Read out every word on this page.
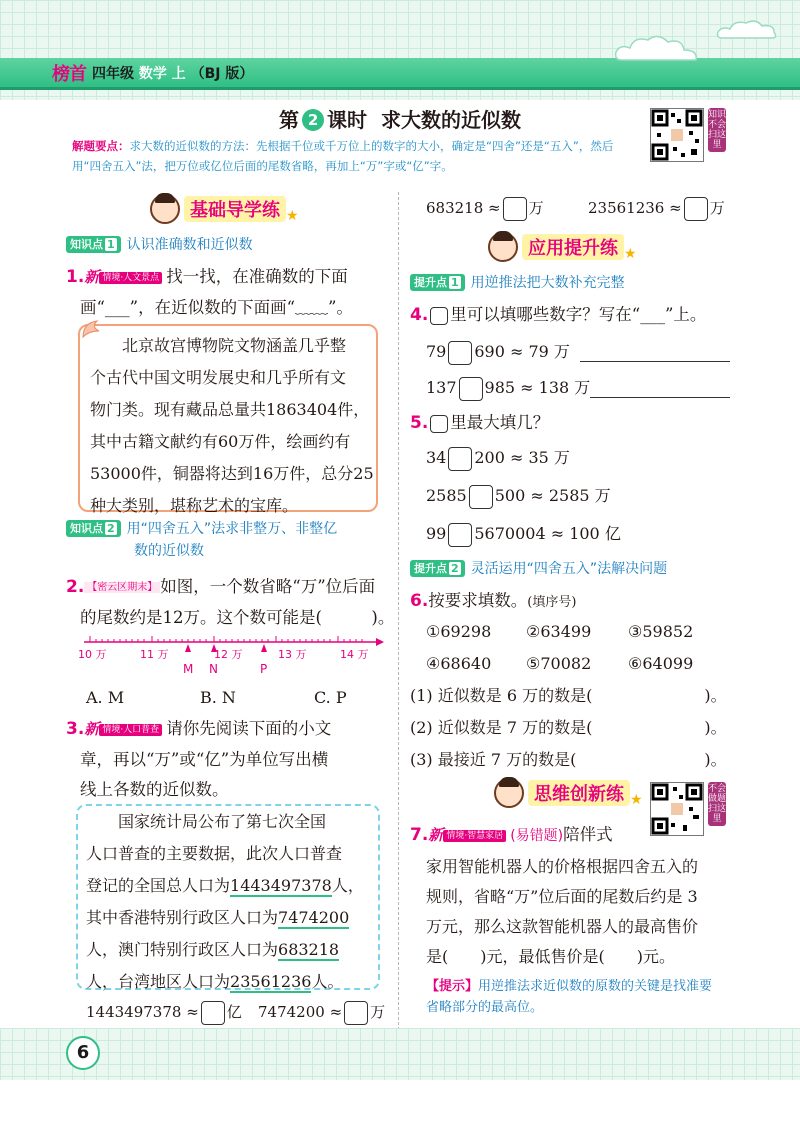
榜首 四年级 数学 上 （BJ 版）
第 2 课时 求大数的近似数	知识不会扫这里
解题要点：求大数的近似数的方法：先根据千位或千万位上的数字的大小，确定是“四舍”还是“五入”，然后用“四舍五入”法，把万位或亿位后面的尾数省略，再加上“万”字或“亿”字。
基础导学练 ★
知识点 1 认识准确数和近似数
1.新 情境·人文景点 找一找，在准确数的下面
画“___”，在近似数的下面画“﹏﹏”。
北京故宫博物院文物涵盖几乎整
个古代中国文明发展史和几乎所有文
物门类。现有藏品总量共1863404件，
其中古籍文献约有60万件，绘画约有
53000件，铜器将达到16万件，总分25
种大类别，堪称艺术的宝库。
知识点 2 用“四舍五入”法求非整万、非整亿
数的近似数
2. 【密云区期末】 如图，一个数省略“万”位后面
的尾数约是12万。这个数可能是(　　　)。
10 万	11 万	12 万	13 万	14 万
M N	P
A. M	B. N	C. P
3.新 情境·人口普查 请你先阅读下面的小文
章，再以“万”或“亿”为单位写出横
线上各数的近似数。
国家统计局公布了第七次全国
人口普查的主要数据，此次人口普查
登记的全国总人口为1443497378人，
其中香港特别行政区人口为7474200
人，澳门特别行政区人口为683218
人，台湾地区人口为23561236人。
1443497378 ≈ 亿 7474200 ≈ 万
683218 ≈ 万	23561236 ≈ 万
应用提升练 ★
提升点 1 用逆推法把大数补充完整
4. 里可以填哪些数字？写在“___”上。
79 690 ≈ 79 万
137 985 ≈ 138 万
5. 里最大填几？
34 200 ≈ 35 万
2585 500 ≈ 2585 万
99 5670004 ≈ 100 亿
提升点 2 灵活运用“四舍五入”法解决问题
6.按要求填数。(填序号)
①69298 ②63499 ③59852
④68640 ⑤70082 ⑥64099
(1) 近似数是 6 万的数是(　　　　　　　)。
(2) 近似数是 7 万的数是(　　　　　　　)。
(3) 最接近 7 万的数是(　　　　　　　　)。
思维创新练 ★
不会做题扫这里
7.新 情境·智慧家居 (易错题)陪伴式
家用智能机器人的价格根据四舍五入的
规则，省略“万”位后面的尾数后约是 3
万元，那么这款智能机器人的最高售价
是(　　)元，最低售价是(　　)元。
【提示】用逆推法求近似数的原数的关键是找准要
省略部分的最高位。
6
